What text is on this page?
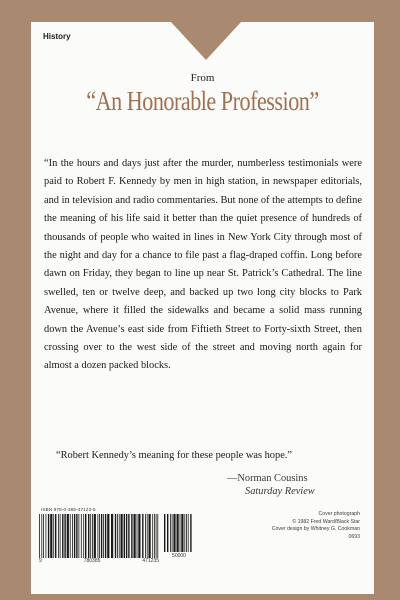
History
From
“An Honorable Profession”

“In the hours and days just after the murder, numberless testimonials were paid to Robert F. Kennedy by men in high station, in newspaper editorials, and in television and radio commentaries. But none of the attempts to define the meaning of his life said it better than the quiet presence of hundreds of thousands of people who waited in lines in New York City through most of the night and day for a chance to file past a flag-draped coffin. Long before dawn on Friday, they began to line up near St. Patrick’s Cathedral. The line swelled, ten or twelve deep, and backed up two long city blocks to Park Avenue, where it filled the sidewalks and became a solid mass running down the Avenue’s east side from Fiftieth Street to Forty-sixth Street, then crossing over to the west side of the street and moving north again for almost a dozen packed blocks.

“Robert Kennedy’s meaning for these people was hope.”
—Norman Cousins
Saturday Review
ISBN 978-0-385-47123-5
9	780385	471235
50000
Cover photograph
© 1982 Fred Ward/Black Star
Cover design by Whitney G. Cookman
0693
